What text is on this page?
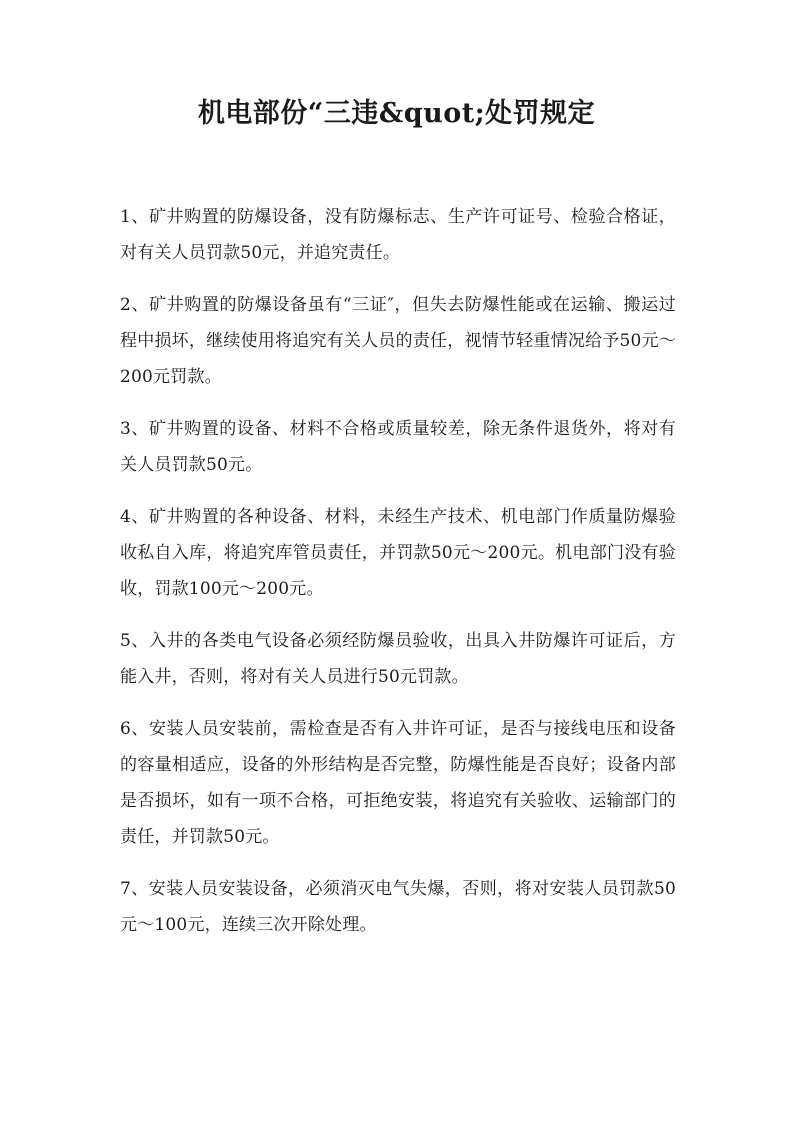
机电部份“三违&quot;处罚规定

1、矿井购置的防爆设备，没有防爆标志、生产许可证号、检验合格证，对有关人员罚款50元，并追究责任。

2、矿井购置的防爆设备虽有“三证″，但失去防爆性能或在运输、搬运过程中损坏，继续使用将追究有关人员的责任，视情节轻重情况给予50元～200元罚款。

3、矿井购置的设备、材料不合格或质量较差，除无条件退货外，将对有关人员罚款50元。

4、矿井购置的各种设备、材料，未经生产技术、机电部门作质量防爆验收私自入库，将追究库管员责任，并罚款50元～200元。机电部门没有验收，罚款100元～200元。

5、入井的各类电气设备必须经防爆员验收，出具入井防爆许可证后，方能入井，否则，将对有关人员进行50元罚款。

6、安装人员安装前，需检查是否有入井许可证，是否与接线电压和设备的容量相适应，设备的外形结构是否完整，防爆性能是否良好；设备内部是否损坏，如有一项不合格，可拒绝安装，将追究有关验收、运输部门的责任，并罚款50元。

7、安装人员安装设备，必须消灭电气失爆，否则，将对安装人员罚款50元～100元，连续三次开除处理。
